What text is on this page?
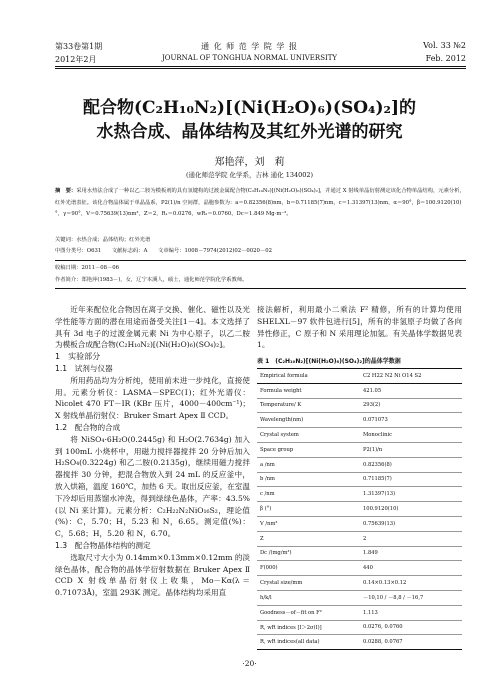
第33卷第1期
2012年2月
通 化 师 范 学 院 学 报
JOURNAL OF TONGHUA NORMAL UNIVERSITY
Vol. 33 №2
Feb. 2012
配合物(C₂H₁₀N₂)[(Ni(H₂O)₆)(SO₄)₂]的
水热合成、晶体结构及其红外光谱的研究
郑艳萍，刘　莉
(通化师范学院 化学系，吉林 通化 134002)
摘　要：采用水热法合成了一种以乙二胺为模板剂的具有氢键构的过渡金属配合物(C₂H₁₀N₂)[(Ni(H₂O)₆)(SO₄)₂]，并通过 X 射线单晶衍射测定该化合物单晶结构，元素分析，红外光谱表征。该化合物晶体属于单晶晶系，P2(1)/n 空间群，晶胞参数为：a＝0.82356(8)nm，b＝0.71185(7)nm，c＝1.31397(13)nm，α＝90°，β＝100.9120(10)°，γ＝90°，V＝0.75639(13)nm³，Z＝2，R₁＝0.0276，wR₂＝0.0760，Dc＝1.849 Mg·m⁻³。
关键词：水热合成；晶体结构；红外光谱
中图分类号：O631　　文献标志码：A　　文章编号：1008－7974(2012)02－0020－02
收稿日期：2011－08－06
作者简介：郑艳萍(1983－)，女，辽宁本溪人，硕士，通化师范学院化学系教师。
近年来配位化合物因在离子交换、催化、磁性以及光学性能等方面的潜在用途而备受关注[1－4]。本文选择了具有 3d 电子的过渡金属元素 Ni 为中心原子，以乙二胺为模板合成配合物(C₂H₁₀N₂)[(Ni(H₂O)₆)(SO₄)₂]。
1　实验部分
1.1　试剂与仪器
所用药品均为分析纯，使用前未进一步纯化，直接使用。元素分析仪：LASMA－SPEC(Ⅰ)；红外光谱仪：Nicolet 470 FT－IR (KBr 压片，4000－400cm⁻¹)；X 射线单晶衍射仪：Bruker Smart Apex Ⅱ CCD。
1.2　配合物的合成
将 NiSO₄·6H₂O(0.2445g) 和 H₂O(2.7634g) 加入到 100mL 小烧杯中，用磁力搅拌器搅拌 20 分钟后加入 H₂SO₄(0.3224g) 和乙二胺(0.2135g)，继续用磁力搅拌器搅拌 30 分钟，把混合物放入到 24 mL 的反应釜中，放入烘箱，温度 160℃，加热 6 天。取出反应釜，在室温下冷却后用蒸馏水冲洗，得到绿绿色晶体，产率：43.5%(以 Ni 来计算)。元素分析：C₂H₂₂N₂NiO₁₆S₂，理论值(%)：C，5.70；H，5.23 和 N，6.65。测定值(%)：C，5.68；H，5.20 和 N，6.70。
1.3　配合物晶体结构的测定
选取尺寸大小为 0.14mm×0.13mm×0.12mm 的淡绿色晶体，配合物的晶体学衍射数据在 Bruker Apex Ⅱ CCD X 射线单晶衍射仪上收集，Mo－Kα(λ＝0.71073Å)，室温 293K 测定。晶体结构均采用直
接法解析，利用最小二乘法 F² 精修，所有的计算均使用 SHELXL－97 软件包进行[5]，所有的非氢原子均做了各向异性修正，C 原子和 N 采用理论加氢。有关晶体学数据见表 1。
表 1　(C₂H₁₀N₂)[(Ni(H₂O)₆)(SO₄)₂]的晶体学数据
Empirical formula	C2 H22 N2 Ni O14 S2
Formula weight	421.05
Temperature/ K	293(2)
Wavelength(nm)	0.071073
Crystal system	Monoclinic
Space group	P2(1)/n
a /nm	0.82356(8)
b /nm	0.71185(7)
c /nm	1.31397(13)
β (°)	100.9120(10)
V /nm³	0.75639(13)
Z	2
Dc /(mg/m³)	1.849
F(000)	440
Crystal size/mm	0.14×0.13×0.12
h/k/l	－10,10 / －8,8 / －16,7
Goodness－of－fit on F²	1.113
R, wR indices [I＞2σ(I)]	0.0276, 0.0760
R, wR indices(all data)	0.0288, 0.0767
·20·
